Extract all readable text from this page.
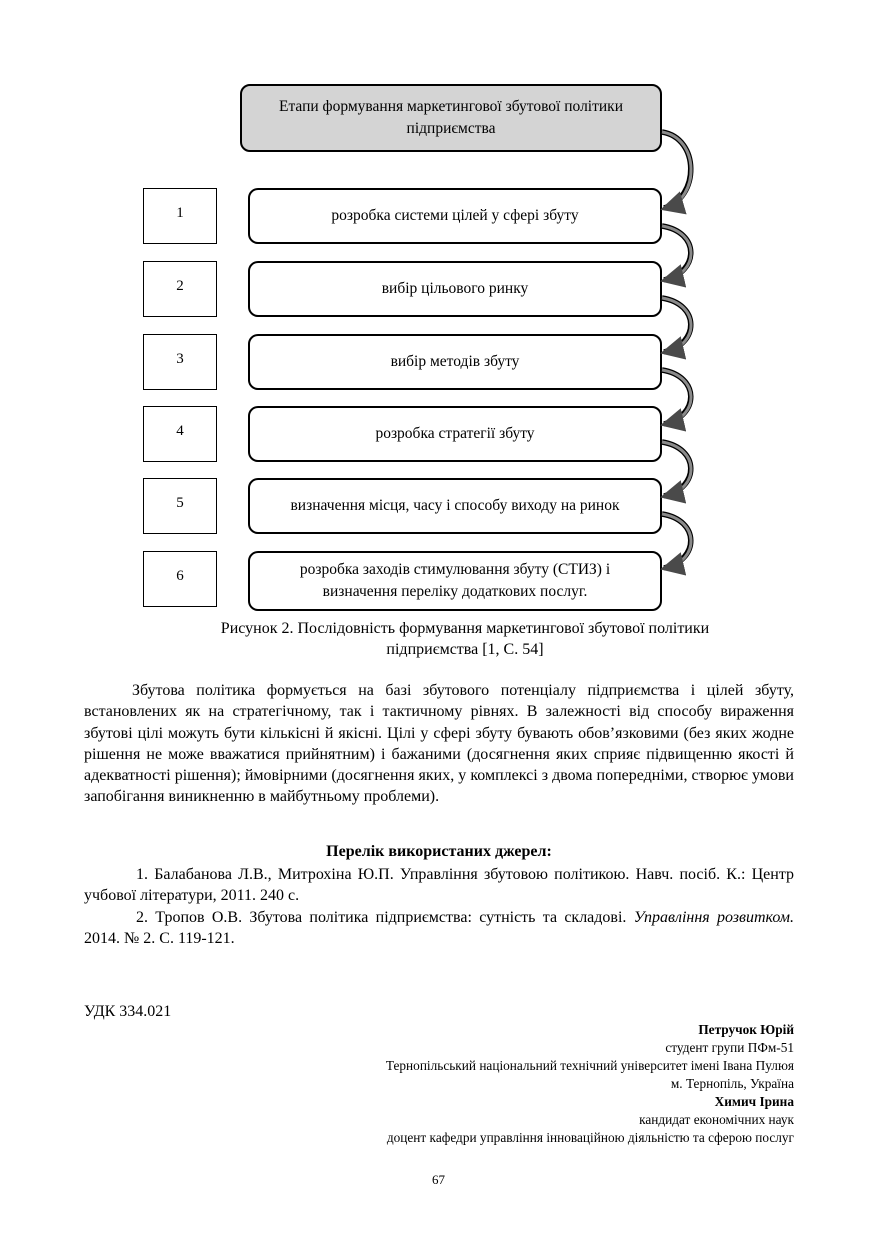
Етапи формування маркетингової збутової політики підприємства
1	розробка системи цілей у сфері збуту
2	вибір цільового ринку
3	вибір методів збуту
4	розробка стратегії збуту
5	визначення місця, часу і способу виходу на ринок
6	розробка заходів стимулювання збуту (СТИЗ) і визначення переліку додаткових послуг.
Рисунок 2. Послідовність формування маркетингової збутової політики
підприємства [1, С. 54]
Збутова політика формується на базі збутового потенціалу підприємства і цілей збуту, встановлених як на стратегічному, так і тактичному рівнях. В залежності від способу вираження збутові цілі можуть бути кількісні й якісні. Цілі у сфері збуту бувають обов’язковими (без яких жодне рішення не може вважатися прийнятним) і бажаними (досягнення яких сприяє підвищенню якості й адекватності рішення); ймовірними (досягнення яких, у комплексі з двома попередніми, створює умови запобігання виникненню в майбутньому проблеми).
Перелік використаних джерел:
1. Балабанова Л.В., Митрохіна Ю.П. Управління збутовою політикою. Навч. посіб. К.: Центр учбової літератури, 2011. 240 с.
2. Тропов О.В. Збутова політика підприємства: сутність та складові. Управління розвитком. 2014. № 2. С. 119-121.
УДК 334.021
Петручок Юрій
студент групи ПФм-51
Тернопільський національний технічний університет імені Івана Пулюя
м. Тернопіль, Україна
Химич Ірина
кандидат економічних наук
доцент кафедри управління інноваційною діяльністю та сферою послуг
67
